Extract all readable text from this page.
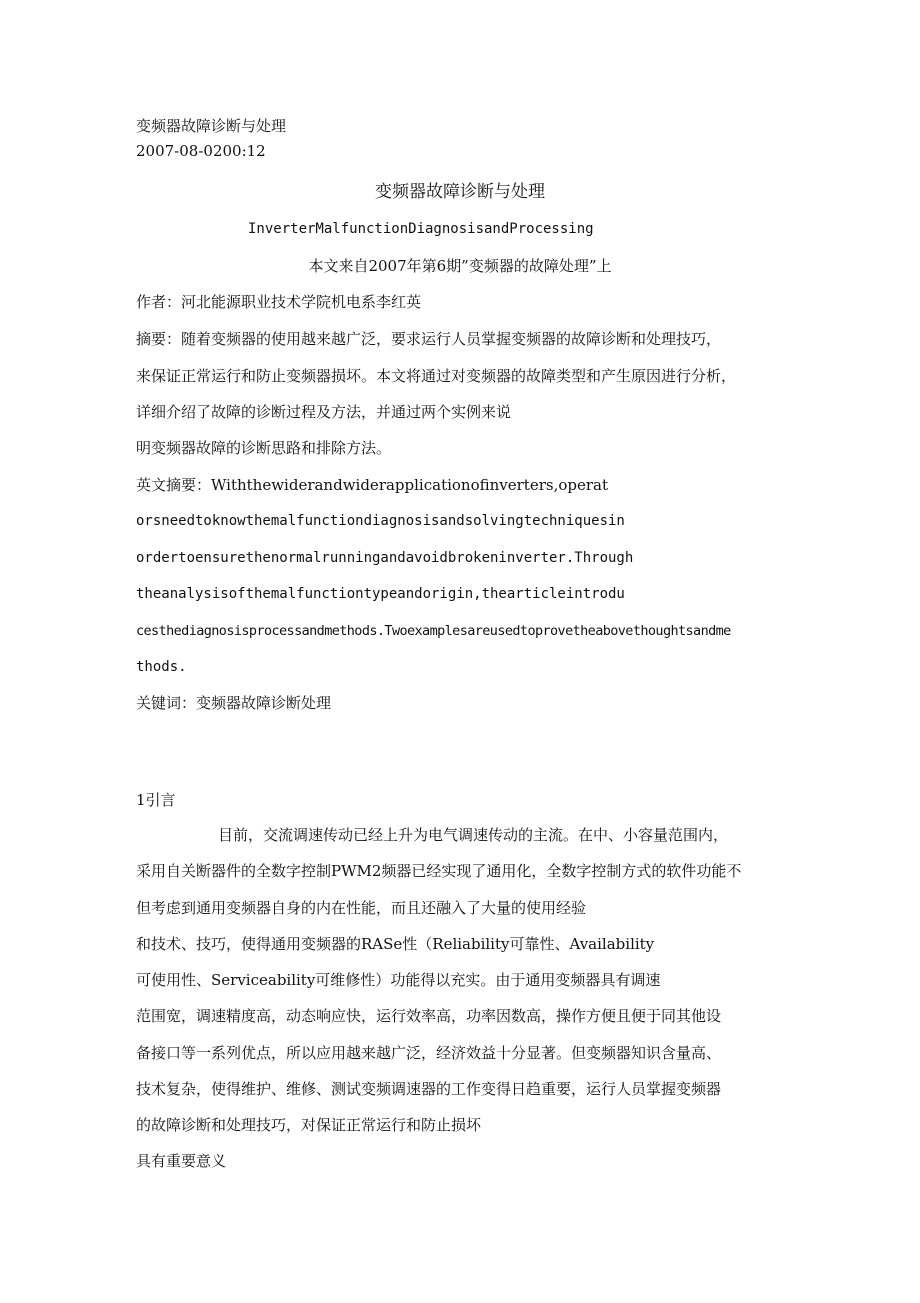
变频器故障诊断与处理
2007-08-0200:12
变频器故障诊断与处理
InverterMalfunctionDiagnosisandProcessing
本文来自2007年第6期”变频器的故障处理”上
作者：河北能源职业技术学院机电系李红英
摘要：随着变频器的使用越来越广泛，要求运行人员掌握变频器的故障诊断和处理技巧，
来保证正常运行和防止变频器损坏。本文将通过对变频器的故障类型和产生原因进行分析，
详细介绍了故障的诊断过程及方法，并通过两个实例来说
明变频器故障的诊断思路和排除方法。
英文摘要：Withthewiderandwiderapplicationofinverters,operat
orsneedtoknowthemalfunctiondiagnosisandsolvingtechniquesin
ordertoensurethenormalrunningandavoidbrokeninverter.Through
theanalysisofthemalfunctiontypeandorigin,thearticleintrodu
cesthediagnosisprocessandmethods.Twoexamplesareusedtoprovetheabovethoughtsandme
thods.
关键词：变频器故障诊断处理
1引言
目前，交流调速传动已经上升为电气调速传动的主流。在中、小容量范围内，
采用自关断器件的全数字控制PWM2频器已经实现了通用化，全数字控制方式的软件功能不
但考虑到通用变频器自身的内在性能，而且还融入了大量的使用经验
和技术、技巧，使得通用变频器的RASe性（Reliability可靠性、Availability
可使用性、Serviceability可维修性）功能得以充实。由于通用变频器具有调速
范围宽，调速精度高，动态响应快，运行效率高，功率因数高，操作方便且便于同其他设
备接口等一系列优点，所以应用越来越广泛，经济效益十分显著。但变频器知识含量高、
技术复杂，使得维护、维修、测试变频调速器的工作变得日趋重要，运行人员掌握变频器
的故障诊断和处理技巧，对保证正常运行和防止损坏
具有重要意义
